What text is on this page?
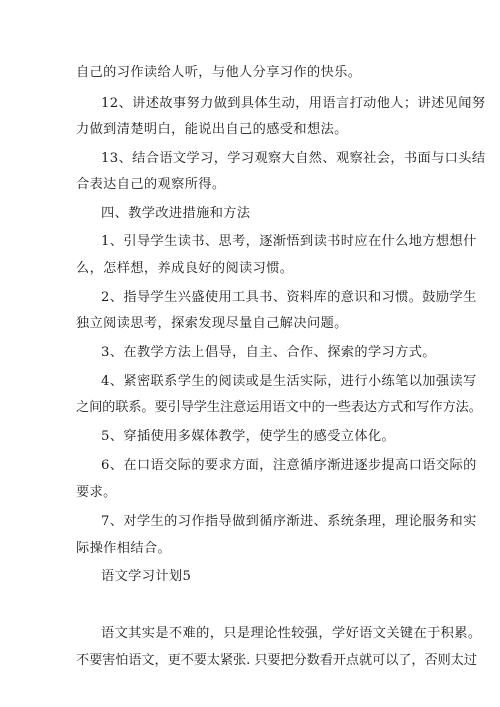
自己的习作读给人听，与他人分享习作的快乐。
12、讲述故事努力做到具体生动，用语言打动他人；讲述见闻努
力做到清楚明白，能说出自己的感受和想法。
13、结合语文学习，学习观察大自然、观察社会，书面与口头结
合表达自己的观察所得。
四、教学改进措施和方法
1、引导学生读书、思考，逐渐悟到读书时应在什么地方想想什
么，怎样想，养成良好的阅读习惯。
2、指导学生兴盛使用工具书、资料库的意识和习惯。鼓励学生
独立阅读思考，探索发现尽量自己解决问题。
3、在教学方法上倡导，自主、合作、探索的学习方式。
4、紧密联系学生的阅读或是生活实际，进行小练笔以加强读写
之间的联系。要引导学生注意运用语文中的一些表达方式和写作方法。
5、穿插使用多媒体教学，使学生的感受立体化。
6、在口语交际的要求方面，注意循序渐进逐步提高口语交际的
要求。
7、对学生的习作指导做到循序渐进、系统条理，理论服务和实
际操作相结合。
语文学习计划5
语文其实是不难的，只是理论性较强，学好语文关键在于积累。
不要害怕语文，更不要太紧张. 只要把分数看开点就可以了，否则太过
